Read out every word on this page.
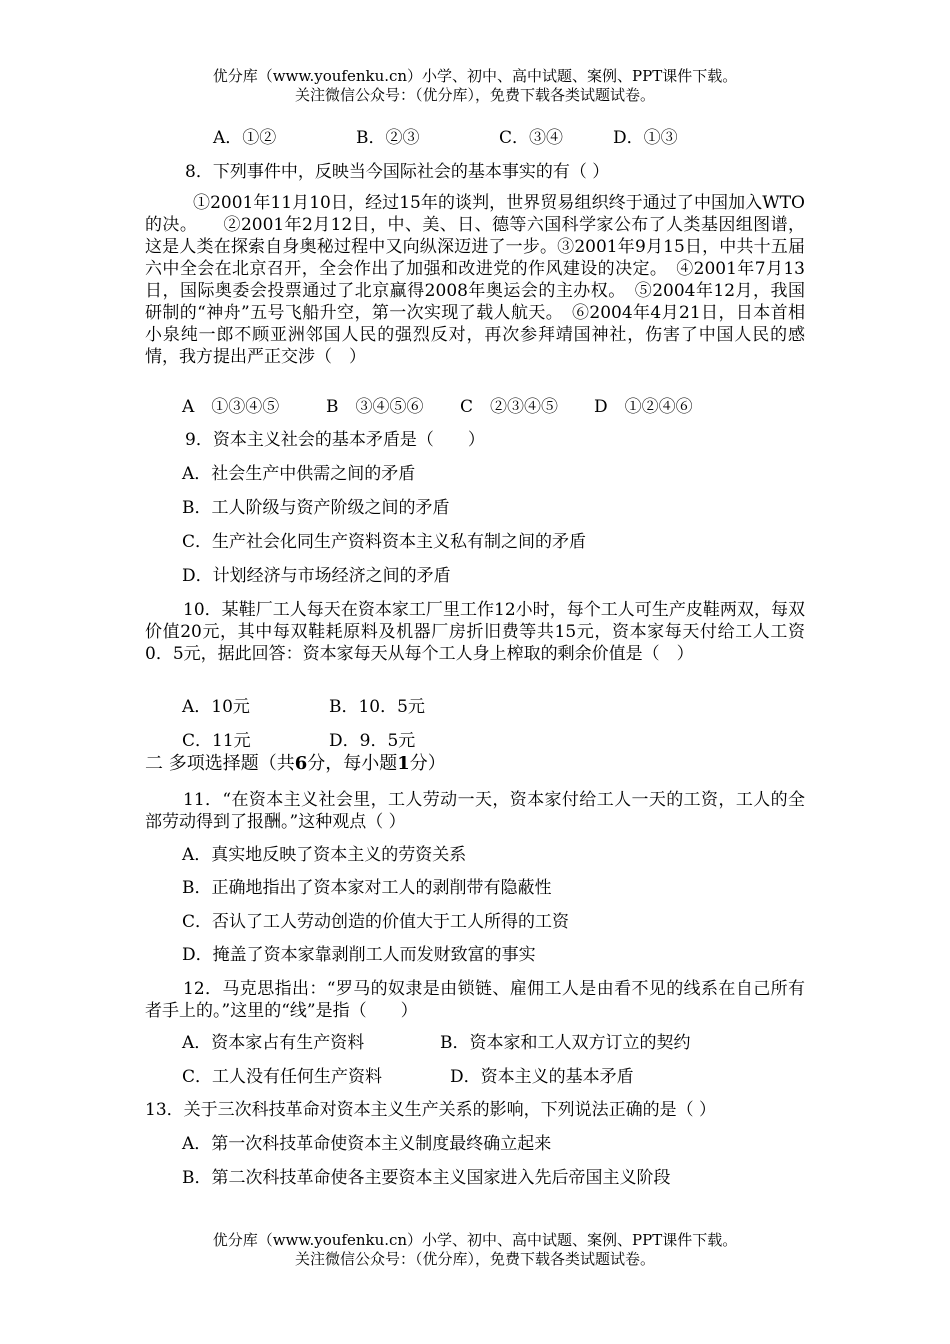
优分库（www.youfenku.cn）小学、初中、高中试题、案例、PPT课件下载。
关注微信公众号：（优分库），免费下载各类试题试卷。
A．①②	B．②③	C．③④	D．①③
8．下列事件中，反映当今国际社会的基本事实的有（ ）
①2001年11月10日，经过15年的谈判，世界贸易组织终于通过了中国加入WTO的决。　　②2001年2月12日，中、美、日、德等六国科学家公布了人类基因组图谱，这是人类在探索自身奥秘过程中又向纵深迈进了一步。③2001年9月15日，中共十五届六中全会在北京召开，全会作出了加强和改进党的作风建设的决定。　④2001年7月13日，国际奥委会投票通过了北京赢得2008年奥运会的主办权。　⑤2004年12月，我国研制的“神舟”五号飞船升空，第一次实现了载人航天。　⑥2004年4月21日，日本首相小泉纯一郎不顾亚洲邻国人民的强烈反对，再次参拜靖国神社，伤害了中国人民的感情，我方提出严正交涉（　）
A　①③④⑤	B　③④⑤⑥ C　②③④⑤ D　①②④⑥
9．资本主义社会的基本矛盾是（　　）
A．社会生产中供需之间的矛盾
B．工人阶级与资产阶级之间的矛盾
C．生产社会化同生产资料资本主义私有制之间的矛盾
D．计划经济与市场经济之间的矛盾
10．某鞋厂工人每天在资本家工厂里工作12小时，每个工人可生产皮鞋两双，每双价值20元，其中每双鞋耗原料及机器厂房折旧费等共15元，资本家每天付给工人工资0．5元，据此回答：资本家每天从每个工人身上榨取的剩余价值是（　）
A．10元	B．10．5元
C．11元	D．9．5元
二 多项选择题（共6分，每小题1分）
11．“在资本主义社会里，工人劳动一天，资本家付给工人一天的工资，工人的全部劳动得到了报酬。”这种观点（ ）
A．真实地反映了资本主义的劳资关系
B．正确地指出了资本家对工人的剥削带有隐蔽性
C．否认了工人劳动创造的价值大于工人所得的工资
D．掩盖了资本家靠剥削工人而发财致富的事实
12．马克思指出：“罗马的奴隶是由锁链、雇佣工人是由看不见的线系在自己所有者手上的。”这里的“线”是指（　　）
A．资本家占有生产资料	B．资本家和工人双方订立的契约
C．工人没有任何生产资料	D．资本主义的基本矛盾
13．关于三次科技革命对资本主义生产关系的影响，下列说法正确的是（ ）
A．第一次科技革命使资本主义制度最终确立起来
B．第二次科技革命使各主要资本主义国家进入先后帝国主义阶段
优分库（www.youfenku.cn）小学、初中、高中试题、案例、PPT课件下载。
关注微信公众号：（优分库），免费下载各类试题试卷。
